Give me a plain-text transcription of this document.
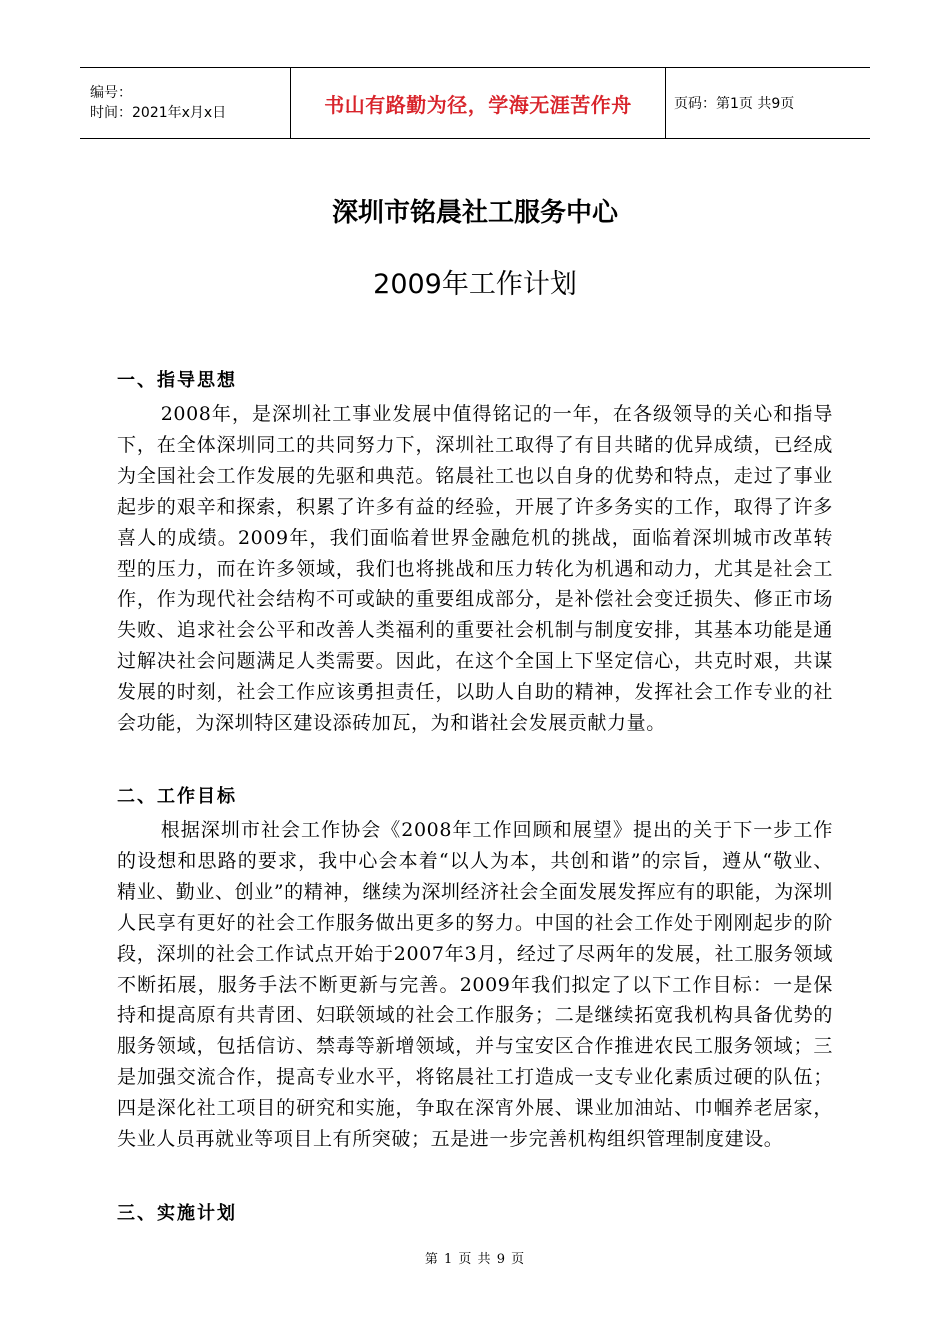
编号：
时间：2021年x月x日	书山有路勤为径，学海无涯苦作舟	页码：第1页 共9页
深圳市铭晨社工服务中心
2009年工作计划
一、指导思想
2008年，是深圳社工事业发展中值得铭记的一年，在各级领导的关心和指导下，在全体深圳同工的共同努力下，深圳社工取得了有目共睹的优异成绩，已经成为全国社会工作发展的先驱和典范。铭晨社工也以自身的优势和特点，走过了事业起步的艰辛和探索，积累了许多有益的经验，开展了许多务实的工作，取得了许多喜人的成绩。2009年，我们面临着世界金融危机的挑战，面临着深圳城市改革转型的压力，而在许多领域，我们也将挑战和压力转化为机遇和动力，尤其是社会工作，作为现代社会结构不可或缺的重要组成部分，是补偿社会变迁损失、修正市场失败、追求社会公平和改善人类福利的重要社会机制与制度安排，其基本功能是通过解决社会问题满足人类需要。因此，在这个全国上下坚定信心，共克时艰，共谋发展的时刻，社会工作应该勇担责任，以助人自助的精神，发挥社会工作专业的社会功能，为深圳特区建设添砖加瓦，为和谐社会发展贡献力量。
二、工作目标
根据深圳市社会工作协会《2008年工作回顾和展望》提出的关于下一步工作的设想和思路的要求，我中心会本着“以人为本，共创和谐”的宗旨，遵从“敬业、精业、勤业、创业”的精神，继续为深圳经济社会全面发展发挥应有的职能，为深圳人民享有更好的社会工作服务做出更多的努力。中国的社会工作处于刚刚起步的阶段，深圳的社会工作试点开始于2007年3月，经过了尽两年的发展，社工服务领域不断拓展，服务手法不断更新与完善。2009年我们拟定了以下工作目标：一是保持和提高原有共青团、妇联领域的社会工作服务；二是继续拓宽我机构具备优势的服务领域，包括信访、禁毒等新增领域，并与宝安区合作推进农民工服务领域；三是加强交流合作，提高专业水平，将铭晨社工打造成一支专业化素质过硬的队伍；四是深化社工项目的研究和实施，争取在深宵外展、课业加油站、巾帼养老居家，失业人员再就业等项目上有所突破；五是进一步完善机构组织管理制度建设。
三、实施计划
第 1 页 共 9 页
